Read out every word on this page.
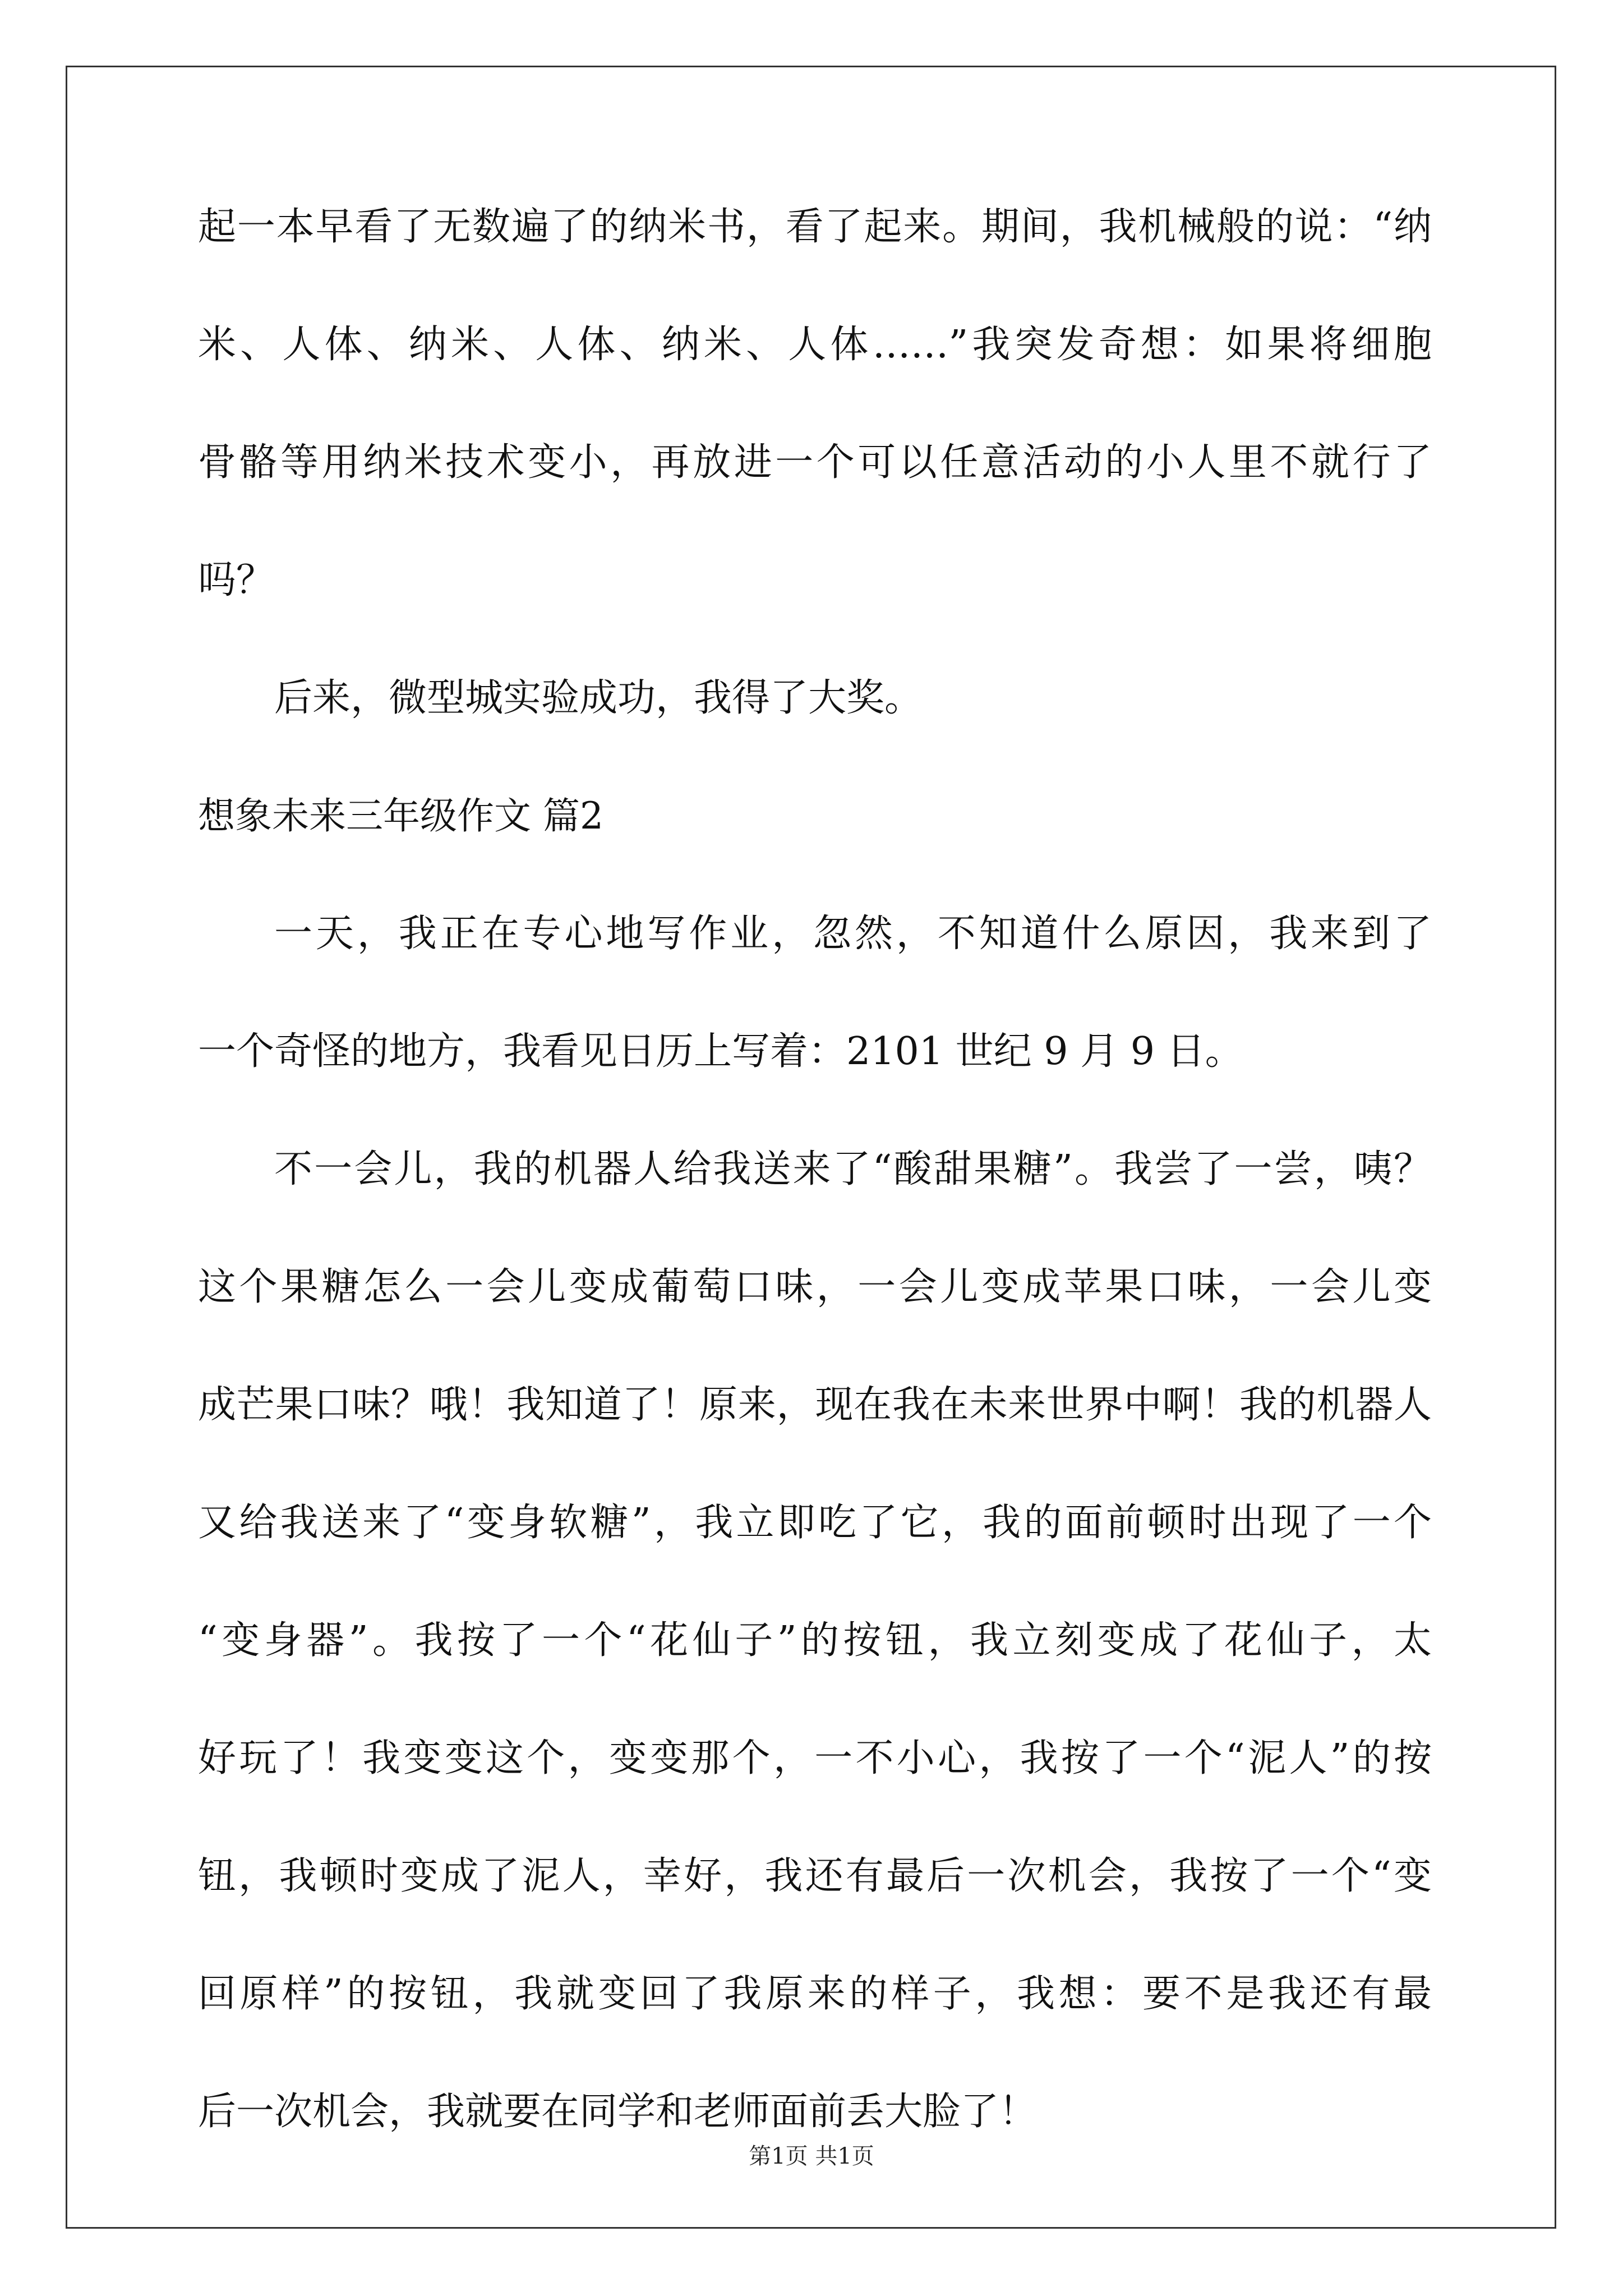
起一本早看了无数遍了的纳米书，看了起来。期间，我机械般的说：“纳
米、人体、纳米、人体、纳米、人体……”我突发奇想：如果将细胞
骨骼等用纳米技术变小，再放进一个可以任意活动的小人里不就行了
吗？
后来，微型城实验成功，我得了大奖。
想象未来三年级作文 篇2
一天，我正在专心地写作业，忽然，不知道什么原因，我来到了
一个奇怪的地方，我看见日历上写着：2101 世纪 9 月 9 日。
不一会儿，我的机器人给我送来了“酸甜果糖”。我尝了一尝，咦？
这个果糖怎么一会儿变成葡萄口味，一会儿变成苹果口味，一会儿变
成芒果口味？哦！我知道了！原来，现在我在未来世界中啊！我的机器人
又给我送来了“变身软糖”，我立即吃了它，我的面前顿时出现了一个
“变身器”。我按了一个“花仙子”的按钮，我立刻变成了花仙子，太
好玩了！我变变这个，变变那个，一不小心，我按了一个“泥人”的按
钮，我顿时变成了泥人，幸好，我还有最后一次机会，我按了一个“变
回原样”的按钮，我就变回了我原来的样子，我想：要不是我还有最
后一次机会，我就要在同学和老师面前丢大脸了！
第1页 共1页
